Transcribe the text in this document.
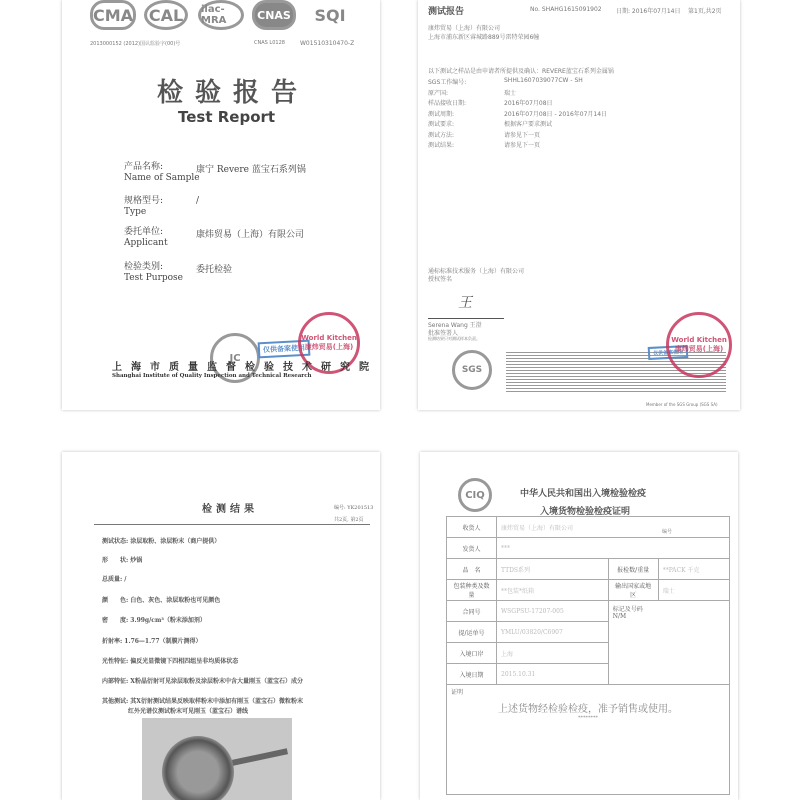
CMA CAL	ilac-MRA	CNAS	SQI
2013000152 (2012)国认监验字(00)号	CNAS L0128	W01510310470-Z
检验报告
Test Report
产品名称:
Name of Sample
康宁 Revere 蓝宝石系列锅
规格型号:
Type
/
委托单位:
Applicant
康炜贸易（上海）有限公司
检验类别:
Test Purpose
委托检验
JC
仅供备案使用
World Kitchen 康炜贸易(上海)
上海市质量监督检验技术研究院
Shanghai Institute of Quality Inspection and Technical Research
测试报告	No. SHAHG1615091902 日期: 2016年07月14日 第1页,共2页
康炜贸易（上海）有限公司
上海市浦东新区睿城路889号雷特荣园6幢
以下测试之样品是由申请者所提供及确认：REVERE蓝宝石系列金属锅
SGS工作编号:	SHHL1607039077CW - SH
原产国:	瑞士
样品接收日期:	2016年07月08日
测试周期:	2016年07月08日 - 2016年07月14日
测试要求:	根据客户要求测试
测试方法:	请参见下一页
测试结果:	请参见下一页
通标标准技术服务（上海）有限公司
授权签名
王
Serena Wang 王澄
批准签署人
检测结果只对测试样本负责。
SGS
仅供备案使用
World Kitchen 康炜贸易(上海)
Member of the SGS Group (SGS SA)
检测结果	编号: YK201513
共2页, 第2页
测试状态: 涂层取粉、涂层粉末（商户提供）
形　　状: 炒锅
总质量: /
颜　　色: 白色、灰色、涂层取粉也可见颜色
密　　度: 3.99g/cm³（粉末添加剂）
折射率: 1.76—1.77（制膜片测得）
光性特征: 偏反光显微镜下四相四组呈非均质体状态
内部特征: X粉晶衍射可见涂层取粉及涂层粉末中含大量刚玉（蓝宝石）成分
其他测试: 其X衍射测试结果反映取样粉末中添加有刚玉（蓝宝石）微粒粉末
红外光谱仪测试粉末可见刚玉（蓝宝石）谱线
CIQ	中华人民共和国出入境检验检疫
入境货物检验检疫证明
编号
收货人	康炜贸易（上海）有限公司		
发货人	***		
品　名	TTDS系列	报检数/重量	**PACK 千克
包装种类及数量	**包装*纸箱	输出国家或地区	瑞士
合同号	WSGPSU-17207-005	标记及号码
N/M	
提/运单号	YMLU/03820/C6907		
入境口岸	上海		
入境日期	2015.10.31		

证明
上述货物经检验检疫，准予销售或使用。
********			
